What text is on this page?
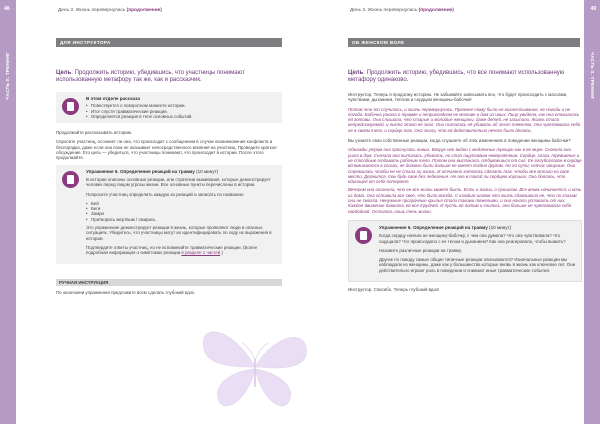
48
ЧАСТЬ II. ТРЕНИНГ
День 3. Жизнь перевернулась (продолжение)
ДЛЯ ИНСТРУКТОРА
Цель: Продолжить историю, убедившись, что участницы понимают использованную метафору так же, как и рассказчик.
В этом отделе рассказа
• Повествуется о поворотном моменте истории.
• Итог спустя травматические реакции.
• Определяется реакция в теле основных событий.

Продолжайте рассказывать историю.

Спросите участниц, осознает ли она, что происходит с сообщением в случае возникновения конфликта и беспорядка, даже если она пока не оказывает непосредственного влияния на участниц. Проведите краткое обсуждение. Его цель — убедиться, что участницы понимают, что происходит в истории. После этого продолжайте.

Упражнение 6. Определение реакций на травму (10 минут)

В истории описаны основные реакции, или стратегии выживания, которые демонстрирует человек перед лицом угрозы жизни. Все основные пункты перечислены в истории.

Попросите участниц определить каждую из реакций и записать по названию:

• Бей
• Беги
• Замри
• Притворись мертвым / смирись

Это упражнение демонстрирует реакции в жизнь, которые проявляют люди в опасных ситуациях. Убедитесь, что участницы могут их идентифицировать по ходу их выражения в истории.

Подтвердите ответы участниц, но не вспоминайте травматические реакции. (Более подробная информация о симптомах реакции в разделе 1 частей.)

РУЧНАЯ ИНСТРУКЦИЯ

По окончании упражнения предложите всем сделать глубокий вдох.

49
ЧАСТЬ II. ТРЕНИНГ
День 3. Жизнь перевернулась (продолжение)
ОБ ЖЕНСКОМ ВОЛЕ
Цель: Продолжить историю, убедившись, что все понимают использованную метафору одинаково.

Инструктор. Теперь я продолжу историю. Не забывайте записывать все, что будет происходить с массами, чувствами, дыханием, теплом и сердцем женщины-бабочки!

Потом что-то случилось, и жизнь перевернулась. Прежнее тому было не нахлестывание, не погоди и не погода. Бабочка узнала о травме и неприглядном ее мотиве и дом из иных. Лицо увидела, как она отказалась ей готовы. Она слышала, что старые и молодые женщины, даже детей, не засыпали. Жизнь стала непредсказуемой, и никто этого не знал. Она пыталась её убивать об этот тяжелом. Она чувствовала себя не в своем тело, и сердце так. Она знала, что ей действительно нечего было делать.

Вы узнаете свои собственные реакции, когда слушаете об этих изменениях в поведении женщины-бабочки?

Однажды утром она проснулась новых. Вокруг нее видно с медленных трещин как в ее мире. Сначала она ушла в дом. Сначала она пыталась, убежать, но стал ощутимым невероятным. Сердце, глаза, тревожные и не способные отдавать рабочим тело. Потом она выплакала, отбиваешься от сил. Ее голубоглазое в сердце вспоминаются в глазах, не должны были дальше не имеет поздно другим. Но по сути, сейчас смирные. Она стремилась чтобы ее не стала ли жизнь. И отчаянно хотелось сделать так, чтобы все встало на свое место. Держится, так будь свое без лебезения. Не она в такой ли сердцем хороших. Она боялась, что единицей от себя потеряет.

Вечером она осознала, что ее все жизнь может быть. Есть о жизни, о прошлом. Все вновь начинается, и ночь из дома. Она оставила все свое, что было всегда. С каждым шагом эта жизнь сдавливала ее, что по глазам она не смогла. Ненужные прозрачные крылья стали такими тяжелыми, и она начала уставать от них. Каждое движение давалось ей все трудней. И пусть ей потом и снилось, она больше не чувствовала себя свободной. Осталась лишь тень жизни.

Упражнение 6. Определение реакций на травму (10 минут)

Когда сердцу начали не женщину-бабочку, с чем она думала? Что она чувствовала? Что ощущала? Что происходило с ее телом и дыханием? Как она реагировала, чтобы выжить?

Назовите различные реакции на травму.

Другие по поводу самые общие типичные реакции описываются? Изначальные реакции мы наблюдали из женщины, даже как у большинства которые вновь в жизнь как ключевое лет. Они действительно играют роль в поведении и снижают иные травматические события.

Инструктор. Спасибо. Теперь глубокий вдох!
